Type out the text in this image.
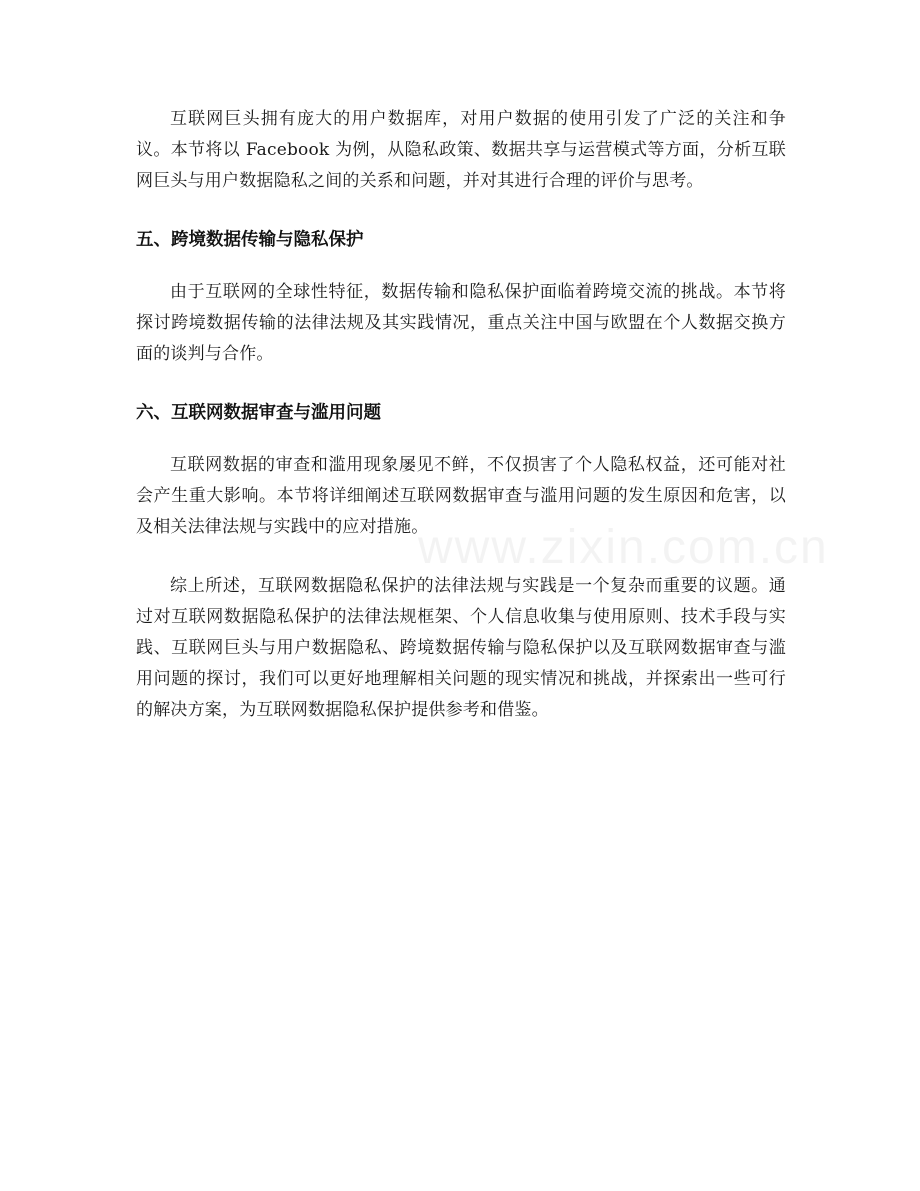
互联网巨头拥有庞大的用户数据库，对用户数据的使用引发了广泛的关注和争议。本节将以 Facebook 为例，从隐私政策、数据共享与运营模式等方面，分析互联网巨头与用户数据隐私之间的关系和问题，并对其进行合理的评价与思考。

五、跨境数据传输与隐私保护

由于互联网的全球性特征，数据传输和隐私保护面临着跨境交流的挑战。本节将探讨跨境数据传输的法律法规及其实践情况，重点关注中国与欧盟在个人数据交换方面的谈判与合作。

六、互联网数据审查与滥用问题

互联网数据的审查和滥用现象屡见不鲜，不仅损害了个人隐私权益，还可能对社会产生重大影响。本节将详细阐述互联网数据审查与滥用问题的发生原因和危害，以及相关法律法规与实践中的应对措施。

综上所述，互联网数据隐私保护的法律法规与实践是一个复杂而重要的议题。通过对互联网数据隐私保护的法律法规框架、个人信息收集与使用原则、技术手段与实践、互联网巨头与用户数据隐私、跨境数据传输与隐私保护以及互联网数据审查与滥用问题的探讨，我们可以更好地理解相关问题的现实情况和挑战，并探索出一些可行的解决方案，为互联网数据隐私保护提供参考和借鉴。
